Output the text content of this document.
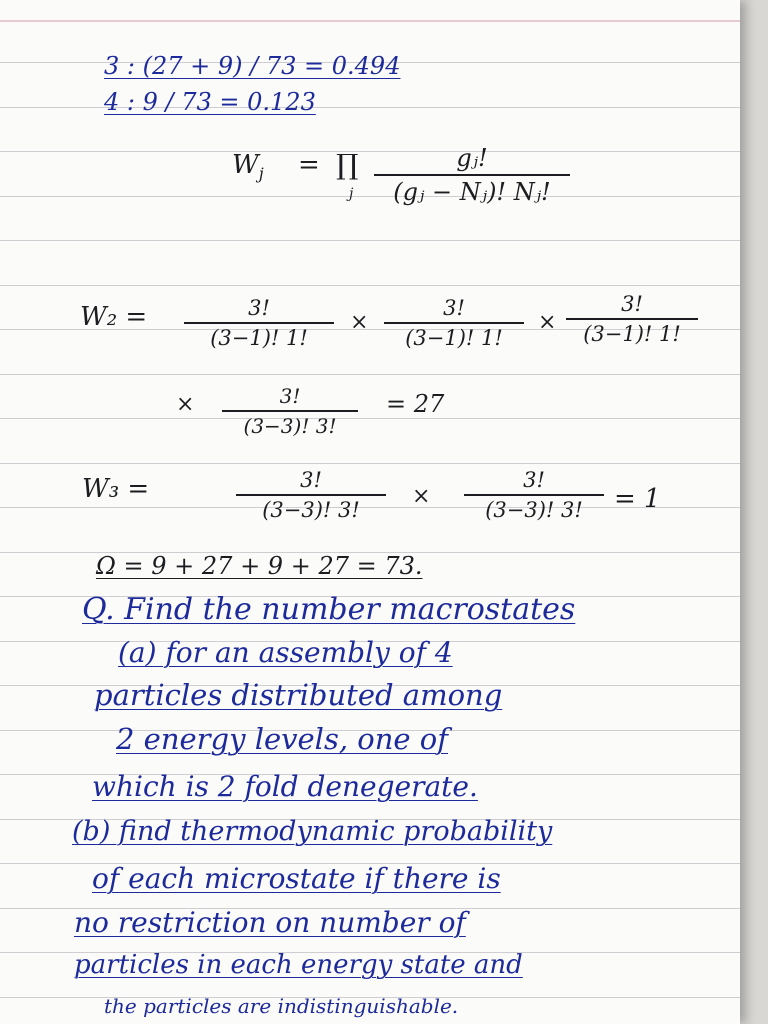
3 : (27 + 9) / 73 = 0.494
4 : 9 / 73 = 0.123
$W_j$ = ∏
j
gⱼ!
(gⱼ − Nⱼ)! Nⱼ!
W₂ =	3!
(3−1)! 1!
×
3!
(3−1)! 1!
×
3!
(3−1)! 1!
×	3!
(3−3)! 3!
= 27
W₃ =	3!
(3−3)! 3!
×
3!
(3−3)! 3!	= 1
Ω = 9 + 27 + 9 + 27 = 73.
Q. Find the number macrostates
(a) for an assembly of 4
particles distributed among
2 energy levels, one of
which is 2 fold denegerate.
(b) find thermodynamic probability
of each microstate if there is
no restriction on number of
particles in each energy state and
the particles are indistinguishable.
